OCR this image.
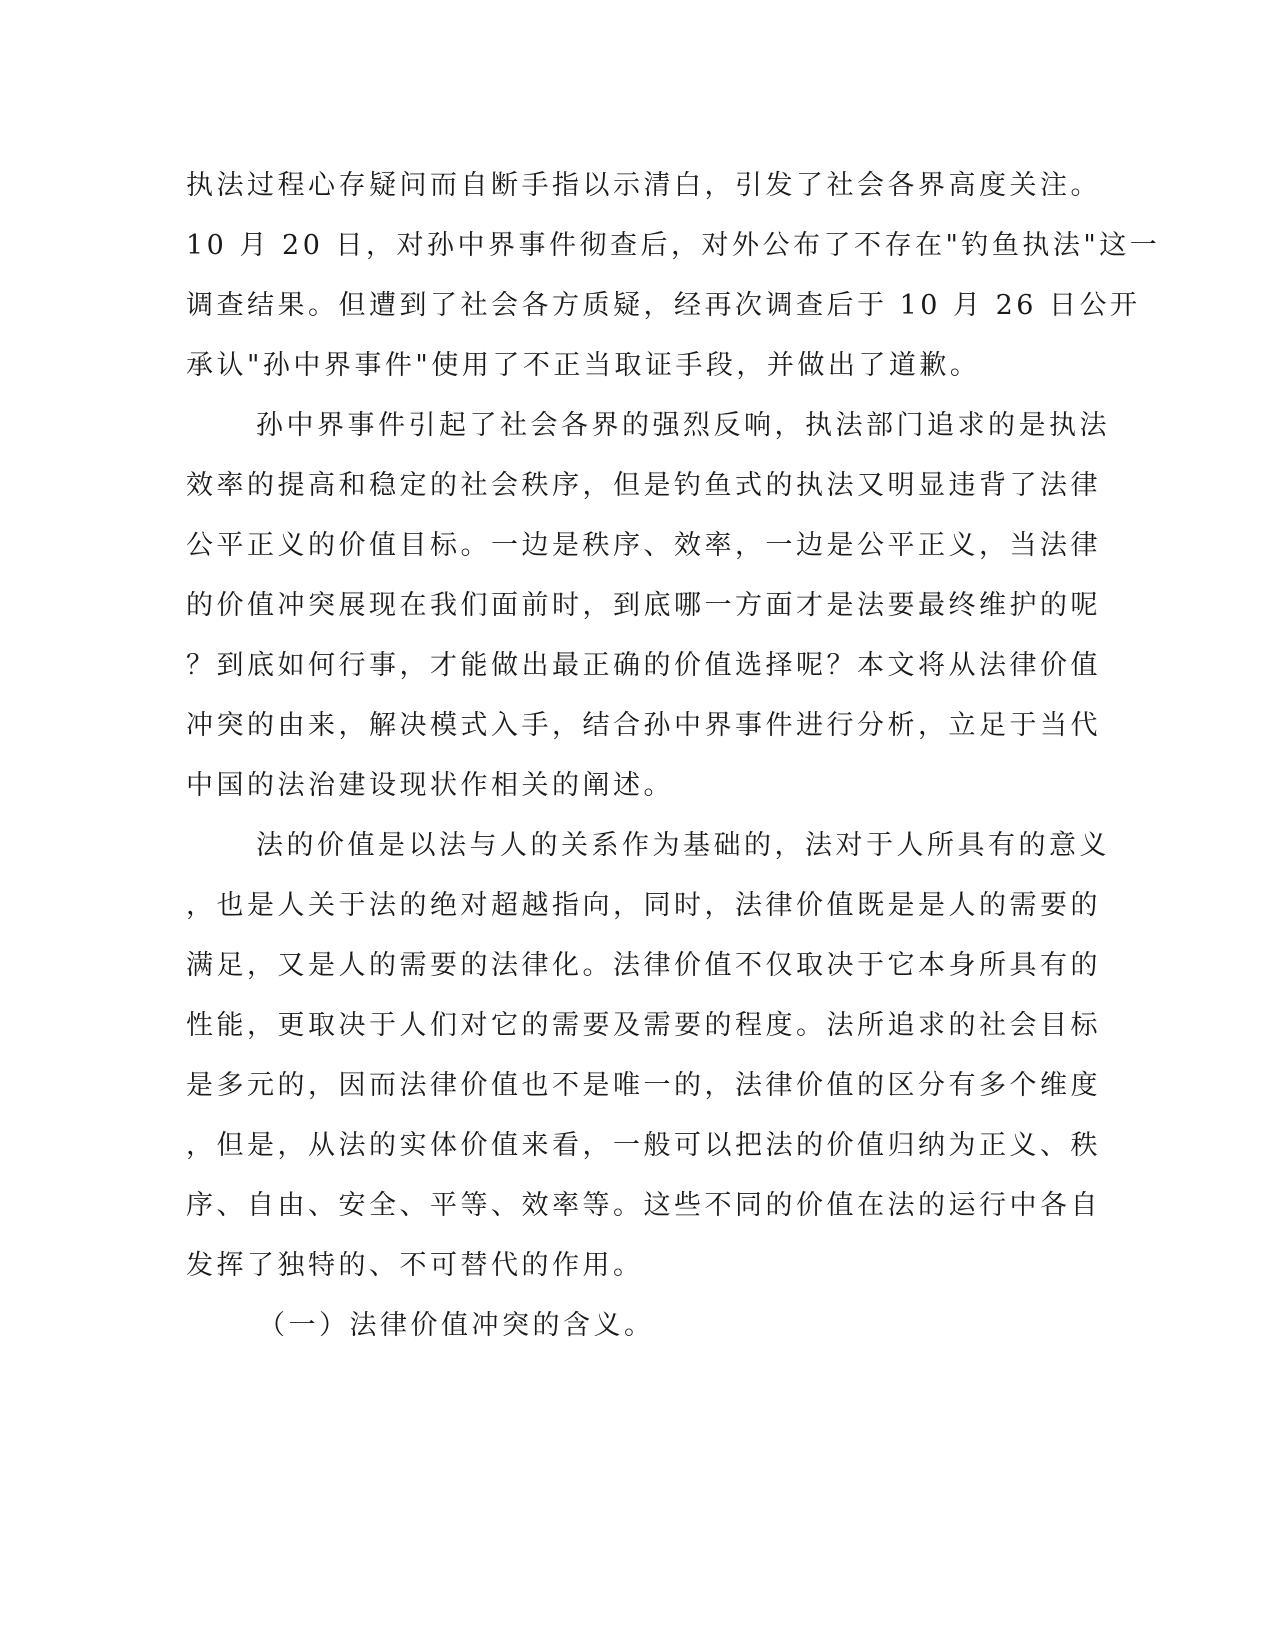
执法过程心存疑问而自断手指以示清白，引发了社会各界高度关注。
10 月 20 日，对孙中界事件彻查后，对外公布了不存在"钓鱼执法"这一
调查结果。但遭到了社会各方质疑，经再次调查后于 10 月 26 日公开
承认"孙中界事件"使用了不正当取证手段，并做出了道歉。
孙中界事件引起了社会各界的强烈反响，执法部门追求的是执法
效率的提高和稳定的社会秩序，但是钓鱼式的执法又明显违背了法律
公平正义的价值目标。一边是秩序、效率，一边是公平正义，当法律
的价值冲突展现在我们面前时，到底哪一方面才是法要最终维护的呢
？到底如何行事，才能做出最正确的价值选择呢？本文将从法律价值
冲突的由来，解决模式入手，结合孙中界事件进行分析，立足于当代
中国的法治建设现状作相关的阐述。
法的价值是以法与人的关系作为基础的，法对于人所具有的意义
，也是人关于法的绝对超越指向，同时，法律价值既是是人的需要的
满足，又是人的需要的法律化。法律价值不仅取决于它本身所具有的
性能，更取决于人们对它的需要及需要的程度。法所追求的社会目标
是多元的，因而法律价值也不是唯一的，法律价值的区分有多个维度
，但是，从法的实体价值来看，一般可以把法的价值归纳为正义、秩
序、自由、安全、平等、效率等。这些不同的价值在法的运行中各自
发挥了独特的、不可替代的作用。
（一）法律价值冲突的含义。
